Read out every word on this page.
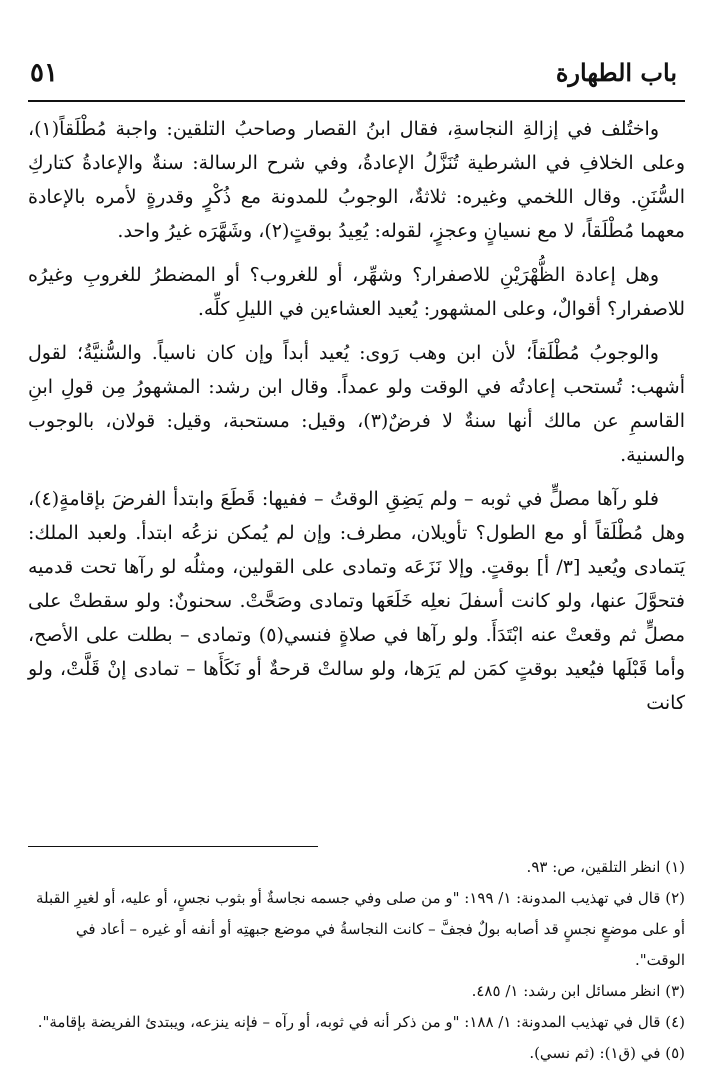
باب الطهارة
٥١

واختُلف في إزالةِ النجاسةِ، فقال ابنُ القصار وصاحبُ التلقين: واجبة مُطْلَقاً(١)، وعلى الخلافِ في الشرطية تُنَزَّلُ الإعادةُ، وفي شرح الرسالة: سنةٌ والإعادةُ كتاركِ السُّنَنِ. وقال اللخمي وغيره: ثلاثةٌ، الوجوبُ للمدونة مع ذُكْرٍ وقدرةٍ لأمره بالإعادة معهما مُطْلَقاً، لا مع نسيانٍ وعجزٍ، لقوله: يُعِيدُ بوقتٍ(٢)، وشَهَّرَه غيرُ واحد.

وهل إعادة الظُّهْرَيْنِ للاصفرار؟ وشهِّر، أو للغروب؟ أو المضطرُ للغروبِ وغيرُه للاصفرار؟ أقوالٌ، وعلى المشهور: يُعيد العشاءين في الليلِ كلِّه.

والوجوبُ مُطْلَقاً؛ لأن ابن وهب رَوى: يُعيد أبداً وإن كان ناسياً. والسُّنيَّةُ؛ لقول أشهب: تُستحب إعادتُه في الوقت ولو عمداً. وقال ابن رشد: المشهورُ مِن قولِ ابنِ القاسمِ عن مالك أنها سنةٌ لا فرضٌ(٣)، وقيل: مستحبة، وقيل: قولان، بالوجوب والسنية.

فلو رآها مصلٍّ في ثوبه – ولم يَضِقِ الوقتُ – ففيها: قَطَعَ وابتدأ الفرضَ بإقامةٍ(٤)، وهل مُطْلَقاً أو مع الطول؟ تأويلان، مطرف: وإن لم يُمكن نزعُه ابتدأ. ولعبد الملك: يَتمادى ويُعيد [٣/ أ] بوقتٍ. وإلا نَزَعَه وتمادى على القولين، ومثلُه لو رآها تحت قدميه فتحوَّلَ عنها، ولو كانت أسفلَ نعلِه خَلَعَها وتمادى وصَحَّتْ. سحنونٌ: ولو سقطتْ على مصلٍّ ثم وقعتْ عنه ابْتَدَأَ. ولو رآها في صلاةٍ فنسي(٥) وتمادى – بطلت على الأصح، وأما قَبْلَها فيُعيد بوقتٍ كمَن لم يَرَها، ولو سالتْ قرحةٌ أو نَكَأَها – تمادى إنْ قَلَّتْ، ولو كانت

(١) انظر التلقين، ص: ٩٣.

(٢) قال في تهذيب المدونة: ١/ ١٩٩: "و من صلى وفي جسمه نجاسةٌ أو بثوب نجسٍ، أو عليه، أو لغيرِ القبلة أو على موضعٍ نجسٍ قد أصابه بولٌ فجفَّ – كانت النجاسةُ في موضع جبهتِه أو أنفه أو غيره – أعاد في الوقت".

(٣) انظر مسائل ابن رشد: ١/ ٤٨٥.

(٤) قال في تهذيب المدونة: ١/ ١٨٨: "و من ذكر أنه في ثوبه، أو رآه – فإنه ينزعه، ويبتدئ الفريضة بإقامة".

(٥) في (ق١): (ثم نسي).
